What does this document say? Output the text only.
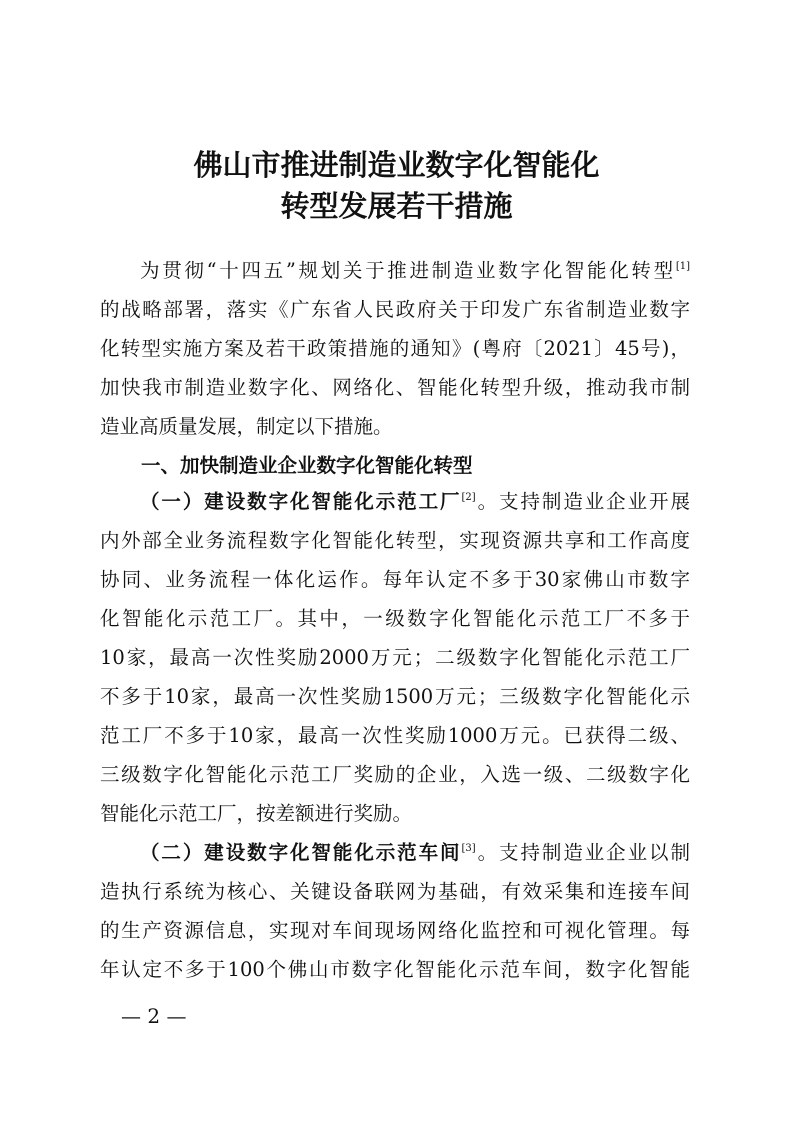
佛山市推进制造业数字化智能化
转型发展若干措施
为贯彻“十四五”规划关于推进制造业数字化智能化转型[1]
的战略部署，落实《广东省人民政府关于印发广东省制造业数字
化转型实施方案及若干政策措施的通知》(粤府〔2021〕45号)，
加快我市制造业数字化、网络化、智能化转型升级，推动我市制
造业高质量发展，制定以下措施。
一、加快制造业企业数字化智能化转型
（一）建设数字化智能化示范工厂[2]。支持制造业企业开展
内外部全业务流程数字化智能化转型，实现资源共享和工作高度
协同、业务流程一体化运作。每年认定不多于30家佛山市数字
化智能化示范工厂。其中，一级数字化智能化示范工厂不多于
10家，最高一次性奖励2000万元；二级数字化智能化示范工厂
不多于10家，最高一次性奖励1500万元；三级数字化智能化示
范工厂不多于10家，最高一次性奖励1000万元。已获得二级、
三级数字化智能化示范工厂奖励的企业，入选一级、二级数字化
智能化示范工厂，按差额进行奖励。
（二）建设数字化智能化示范车间[3]。支持制造业企业以制
造执行系统为核心、关键设备联网为基础，有效采集和连接车间
的生产资源信息，实现对车间现场网络化监控和可视化管理。每
年认定不多于100个佛山市数字化智能化示范车间，数字化智能
— 2 —
